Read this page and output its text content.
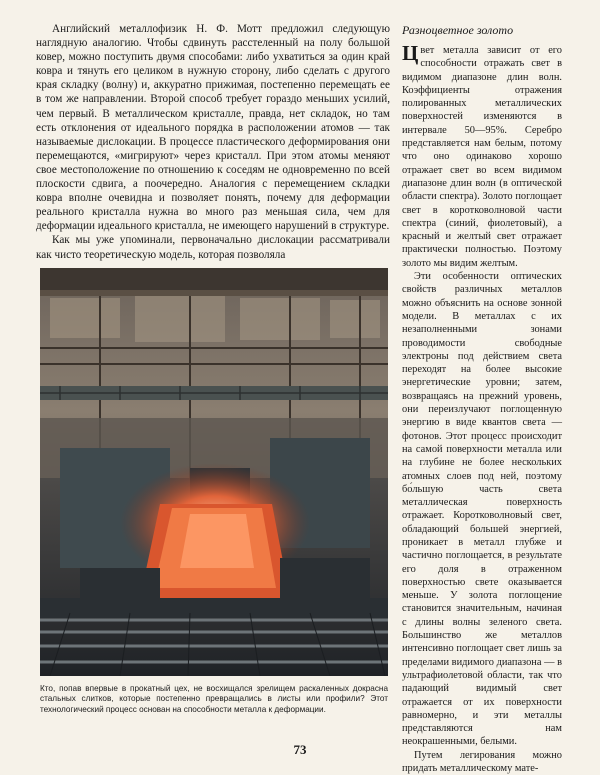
Английский металлофизик Н. Ф. Мотт предложил следующую наглядную аналогию. Чтобы сдвинуть расстеленный на полу большой ковер, можно поступить двумя способами: либо ухватиться за один край ковра и тянуть его целиком в нужную сторону, либо сделать с другого края складку (волну) и, аккуратно прижимая, постепенно перемещать ее в том же направлении. Второй способ требует гораздо меньших усилий, чем первый. В металлическом кристалле, правда, нет складок, но там есть отклонения от идеального порядка в расположении атомов — так называемые дислокации. В процессе пластического деформирования они перемещаются, «мигрируют» через кристалл. При этом атомы меняют свое местоположение по отношению к соседям не одновременно по всей плоскости сдвига, а поочередно. Аналогия с перемещением складки ковра вполне очевидна и позволяет понять, почему для деформации реального кристалла нужна во много раз меньшая сила, чем для деформации идеального кристалла, не имеющего нарушений в структуре.

Как мы уже упоминали, первоначально дислокации рассматривали как чисто теоретическую модель, которая позволяла

Кто, попав впервые в прокатный цех, не восхищался зрелищем раскаленных докрасна стальных слитков, которые постепенно превращались в листы или профили? Этот технологический процесс основан на способности металла к деформации.
Разноцветное золото

Цвет металла зависит от его способности отражать свет в видимом диапазоне длин волн. Коэффициенты отражения полированных металлических поверхностей изменяются в интервале 50—95%. Серебро представляется нам белым, потому что оно одинаково хорошо отражает свет во всем видимом диапазоне длин волн (в оптической области спектра). Золото поглощает свет в коротковолновой части спектра (синий, фиолетовый), а красный и желтый свет отражает практически полностью. Поэтому золото мы видим желтым.

Эти особенности оптических свойств различных металлов можно объяснить на основе зонной модели. В металлах с их незаполненными зонами проводимости свободные электроны под действием света переходят на более высокие энергетические уровни; затем, возвращаясь на прежний уровень, они переизлучают поглощенную энергию в виде квантов света — фотонов. Этот процесс происходит на самой поверхности металла или на глубине не более нескольких атомных слоев под ней, поэтому бо́льшую часть света металлическая поверхность отражает. Коротковолновый свет, обладающий большей энергией, проникает в металл глубже и частично поглощается, в результате его доля в отраженном поверхностью свете оказывается меньше. У золота поглощение становится значительным, начиная с длины волны зеленого света. Большинство же металлов интенсивно поглощает свет лишь за пределами видимого диапазона — в ультрафиолетовой области, так что падающий видимый свет отражается от их поверхности равномерно, и эти металлы представляются нам неокрашенными, белыми.

Путем легирования можно придать металлическому мате-

73
